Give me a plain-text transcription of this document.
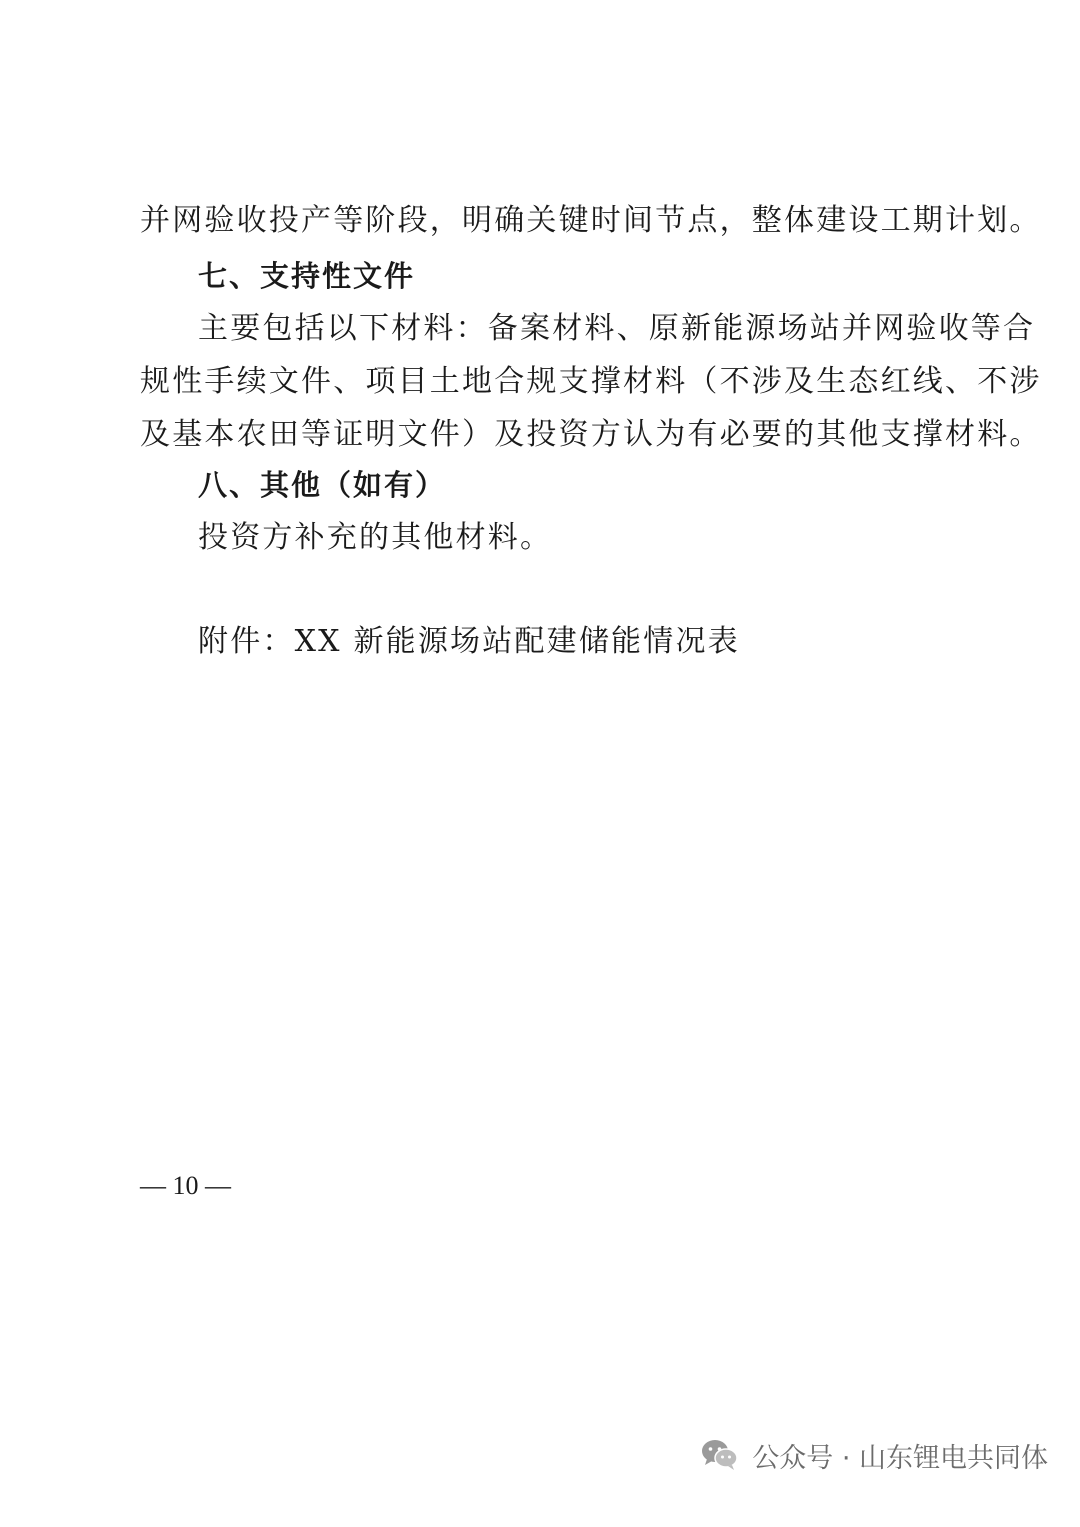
并网验收投产等阶段，明确关键时间节点，整体建设工期计划。
七、支持性文件
主要包括以下材料：备案材料、原新能源场站并网验收等合
规性手续文件、项目土地合规支撑材料（不涉及生态红线、不涉
及基本农田等证明文件）及投资方认为有必要的其他支撑材料。
八、其他（如有）
投资方补充的其他材料。
附件：XX 新能源场站配建储能情况表
— 10 —
公众号 · 山东锂电共同体
